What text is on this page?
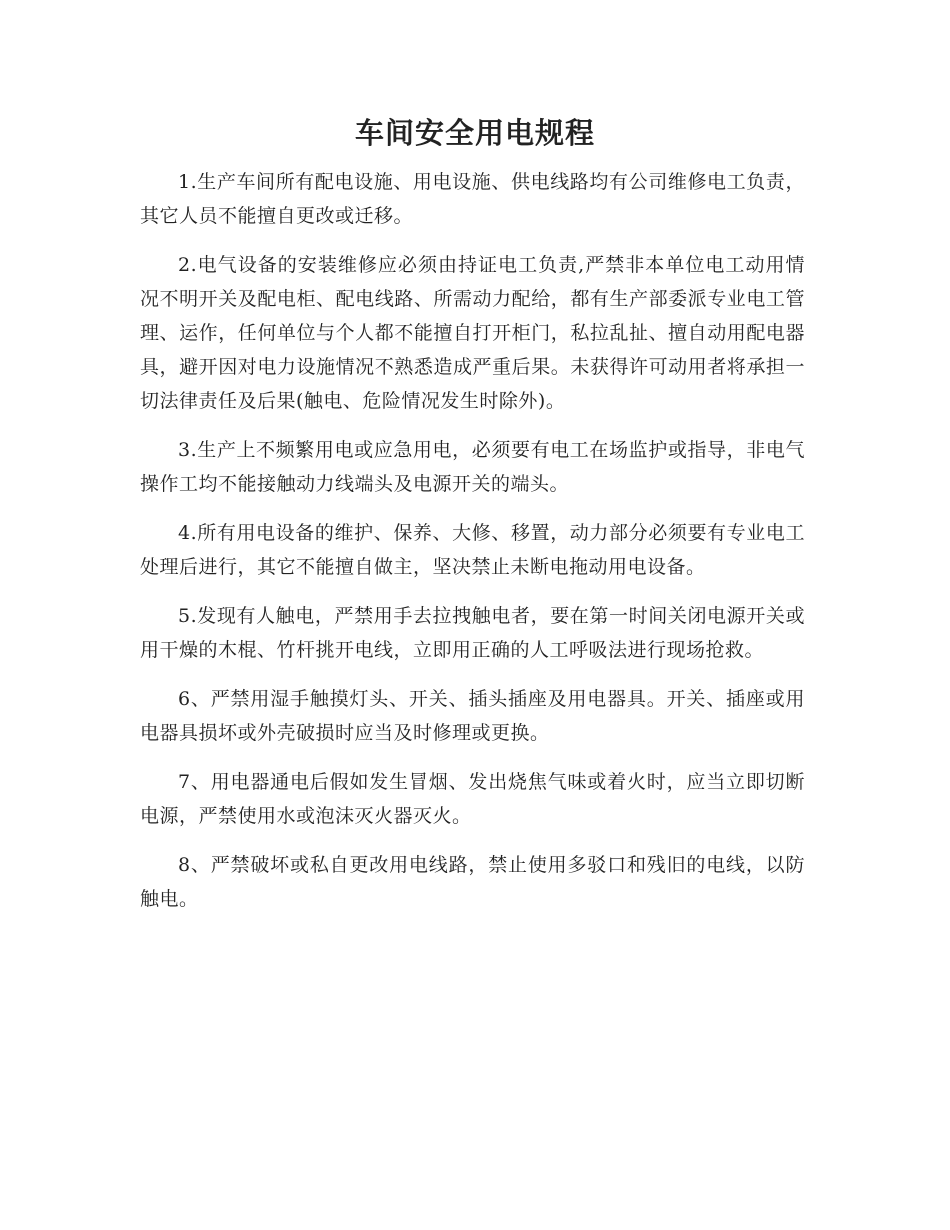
车间安全用电规程

1.生产车间所有配电设施、用电设施、供电线路均有公司维修电工负责，其它人员不能擅自更改或迁移。

2.电气设备的安装维修应必须由持证电工负责,严禁非本单位电工动用情况不明开关及配电柜、配电线路、所需动力配给，都有生产部委派专业电工管理、运作，任何单位与个人都不能擅自打开柜门，私拉乱扯、擅自动用配电器具，避开因对电力设施情况不熟悉造成严重后果。未获得许可动用者将承担一切法律责任及后果(触电、危险情况发生时除外)。

3.生产上不频繁用电或应急用电，必须要有电工在场监护或指导，非电气操作工均不能接触动力线端头及电源开关的端头。

4.所有用电设备的维护、保养、大修、移置，动力部分必须要有专业电工处理后进行，其它不能擅自做主，坚决禁止未断电拖动用电设备。

5.发现有人触电，严禁用手去拉拽触电者，要在第一时间关闭电源开关或用干燥的木棍、竹杆挑开电线，立即用正确的人工呼吸法进行现场抢救。

6、严禁用湿手触摸灯头、开关、插头插座及用电器具。开关、插座或用电器具损坏或外壳破损时应当及时修理或更换。

7、用电器通电后假如发生冒烟、发出烧焦气味或着火时，应当立即切断电源，严禁使用水或泡沫灭火器灭火。

8、严禁破坏或私自更改用电线路，禁止使用多驳口和残旧的电线，以防触电。
